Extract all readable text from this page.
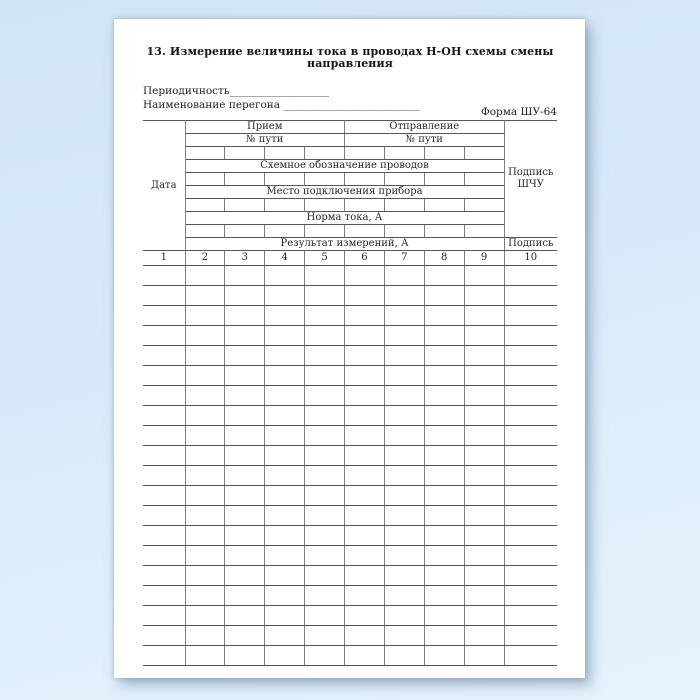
13. Измерение величины тока в проводах Н-ОН схемы смены направления
Периодичность___________________
Наименование перегона __________________________
Форма ШУ-64
Дата	Прием				Отправление				Подпись ШЧУ
	№ пути				№ пути				

	Схемное обозначение проводов								

	Место подключения прибора								

	Норма тока, А								

	Результат измерений, А								Подпись
1	2	3	4	5	6	7	8	9	10
